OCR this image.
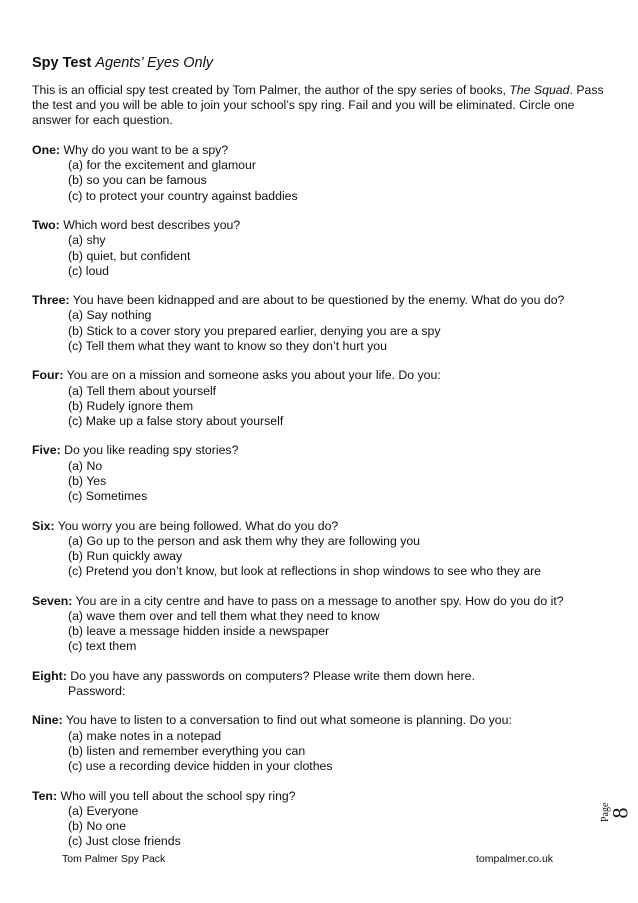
Spy Test Agents’ Eyes Only
This is an official spy test created by Tom Palmer, the author of the spy series of books, The Squad. Pass the test and you will be able to join your school’s spy ring. Fail and you will be eliminated. Circle one answer for each question.
One: Why do you want to be a spy?
(a) for the excitement and glamour
(b) so you can be famous
(c) to protect your country against baddies
Two: Which word best describes you?
(a) shy
(b) quiet, but confident
(c) loud
Three: You have been kidnapped and are about to be questioned by the enemy. What do you do?
(a) Say nothing
(b) Stick to a cover story you prepared earlier, denying you are a spy
(c) Tell them what they want to know so they don’t hurt you
Four: You are on a mission and someone asks you about your life. Do you:
(a) Tell them about yourself
(b) Rudely ignore them
(c) Make up a false story about yourself
Five: Do you like reading spy stories?
(a) No
(b) Yes
(c) Sometimes
Six: You worry you are being followed. What do you do?
(a) Go up to the person and ask them why they are following you
(b) Run quickly away
(c) Pretend you don’t know, but look at reflections in shop windows to see who they are
Seven: You are in a city centre and have to pass on a message to another spy. How do you do it?
(a) wave them over and tell them what they need to know
(b) leave a message hidden inside a newspaper
(c) text them
Eight: Do you have any passwords on computers? Please write them down here.
Password:
Nine: You have to listen to a conversation to find out what someone is planning. Do you:
(a) make notes in a notepad
(b) listen and remember everything you can
(c) use a recording device hidden in your clothes
Ten: Who will you tell about the school spy ring?
(a) Everyone
(b) No one
(c) Just close friends
Page
8
Tom Palmer Spy Pack	tompalmer.co.uk
